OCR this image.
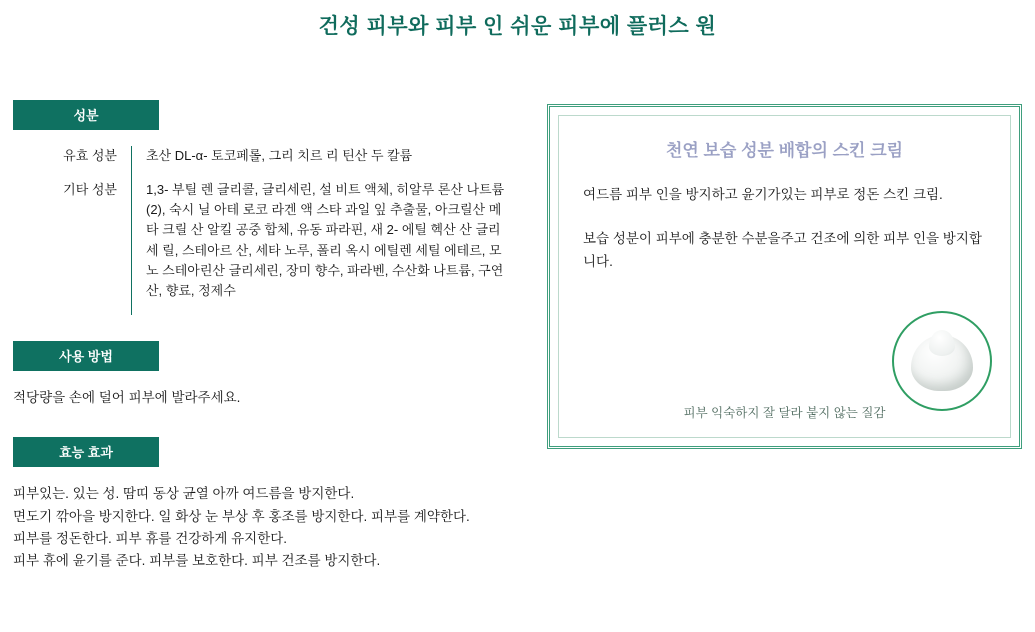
건성 피부와 피부 인 쉬운 피부에 플러스 원
성분
유효 성분	초산 DL-α- 토코페롤, 그리 치르 리 틴산 두 칼륨
기타 성분	1,3- 부틸 렌 글리콜, 글리세린, 설 비트 액체, 히알루 론산 나트륨 (2), 숙시 닐 아테 로코 라겐 액 스타 과일 잎 추출물, 아크릴산 메타 크릴 산 알킬 공중 합체, 유동 파라핀, 새 2- 에틸 헥산 산 글리세 릴, 스테아르 산, 세타 노루, 폴리 옥시 에틸렌 세틸 에테르, 모노 스테아린산 글리세린, 장미 향수, 파라벤, 수산화 나트륨, 구연산, 향료, 정제수
사용 방법

적당량을 손에 덜어 피부에 발라주세요.

효능 효과

피부있는. 있는 성. 땀띠 동상 균열 아까 여드름을 방지한다.

면도기 깎아을 방지한다. 일 화상 눈 부상 후 홍조를 방지한다. 피부를 계약한다.

피부를 정돈한다. 피부 휴를 건강하게 유지한다.

피부 휴에 윤기를 준다. 피부를 보호한다. 피부 건조를 방지한다.

천연 보습 성분 배합의 스킨 크림

여드름 피부 인을 방지하고 윤기가있는 피부로 정돈 스킨 크림.

보습 성분이 피부에 충분한 수분을주고 건조에 의한 피부 인을 방지합니다.

피부 익숙하지 잘 달라 붙지 않는 질감
